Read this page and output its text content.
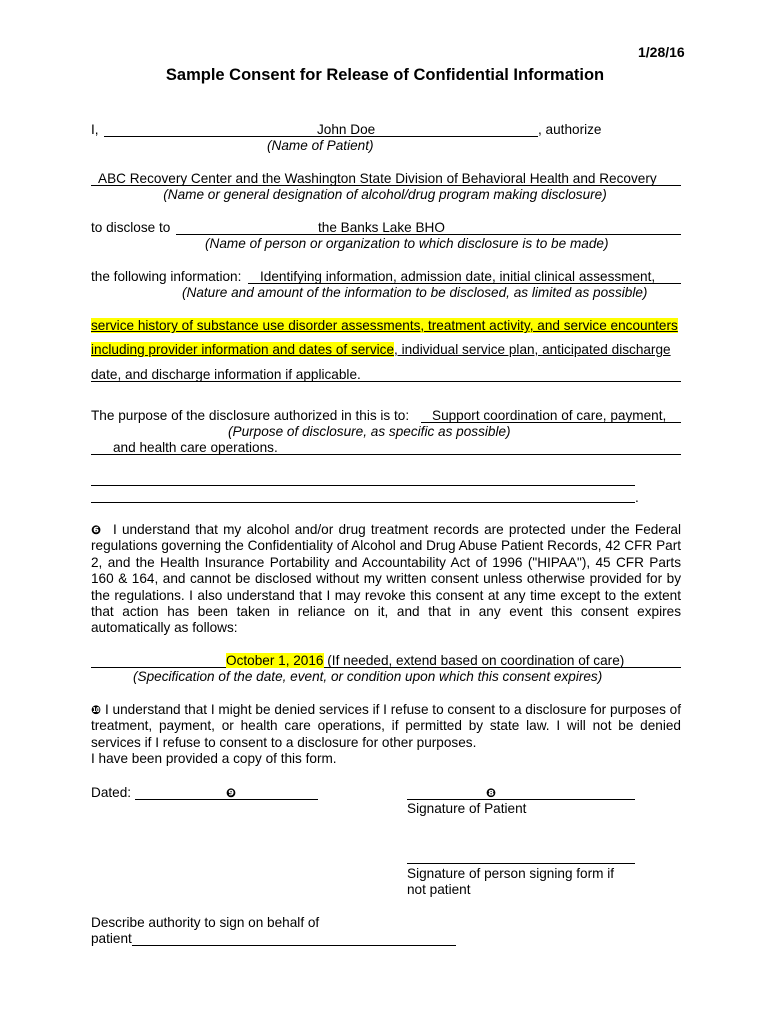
1/28/16
Sample Consent for Release of Confidential Information
I,	John Doe	, authorize
(Name of Patient)
ABC Recovery Center and the Washington State Division of Behavioral Health and Recovery
(Name or general designation of alcohol/drug program making disclosure)
to disclose to	the Banks Lake BHO
(Name of person or organization to which disclosure is to be made)
the following information: Identifying information, admission date, initial clinical assessment,
(Nature and amount of the information to be disclosed, as limited as possible)
service history of substance use disorder assessments, treatment activity, and service encounters
including provider information and dates of service, individual service plan, anticipated discharge
date, and discharge information if applicable.
The purpose of the disclosure authorized in this is to: Support coordination of care, payment,
(Purpose of disclosure, as specific as possible)
and health care operations.
.
❻ I understand that my alcohol and/or drug treatment records are protected under the Federal regulations governing the Confidentiality of Alcohol and Drug Abuse Patient Records, 42 CFR Part 2, and the Health Insurance Portability and Accountability Act of 1996 ("HIPAA"), 45 CFR Parts 160 & 164, and cannot be disclosed without my written consent unless otherwise provided for by the regulations. I also understand that I may revoke this consent at any time except to the extent that action has been taken in reliance on it, and that in any event this consent expires automatically as follows:
October 1, 2016 (If needed, extend based on coordination of care)
(Specification of the date, event, or condition upon which this consent expires)
❿ I understand that I might be denied services if I refuse to consent to a disclosure for purposes of treatment, payment, or health care operations, if permitted by state law. I will not be denied services if I refuse to consent to a disclosure for other purposes.
I have been provided a copy of this form.
Dated:	❾	❽
Signature of Patient
Signature of person signing form if
not patient
Describe authority to sign on behalf of
patient
